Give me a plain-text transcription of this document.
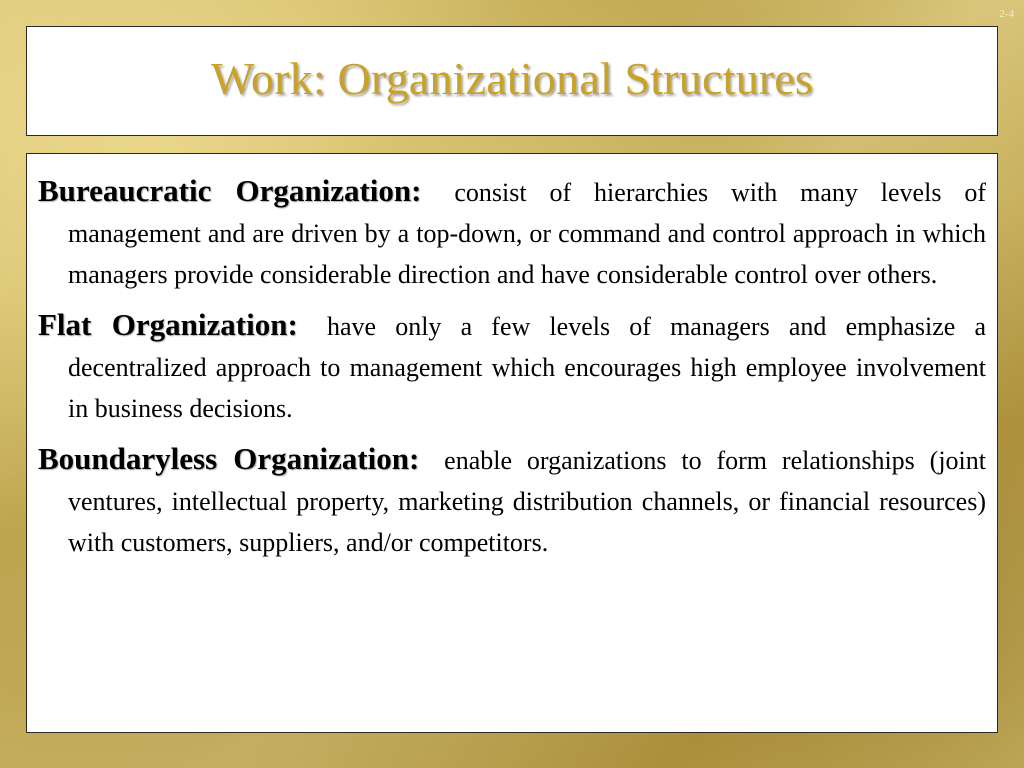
2-4
Work: Organizational Structures

Bureaucratic Organization: consist of hierarchies with many levels of management and are driven by a top-down, or command and control approach in which managers provide considerable direction and have considerable control over others.

Flat Organization: have only a few levels of managers and emphasize a decentralized approach to management which encourages high employee involvement in business decisions.

Boundaryless Organization: enable organizations to form relationships (joint ventures, intellectual property, marketing distribution channels, or financial resources) with customers, suppliers, and/or competitors.
